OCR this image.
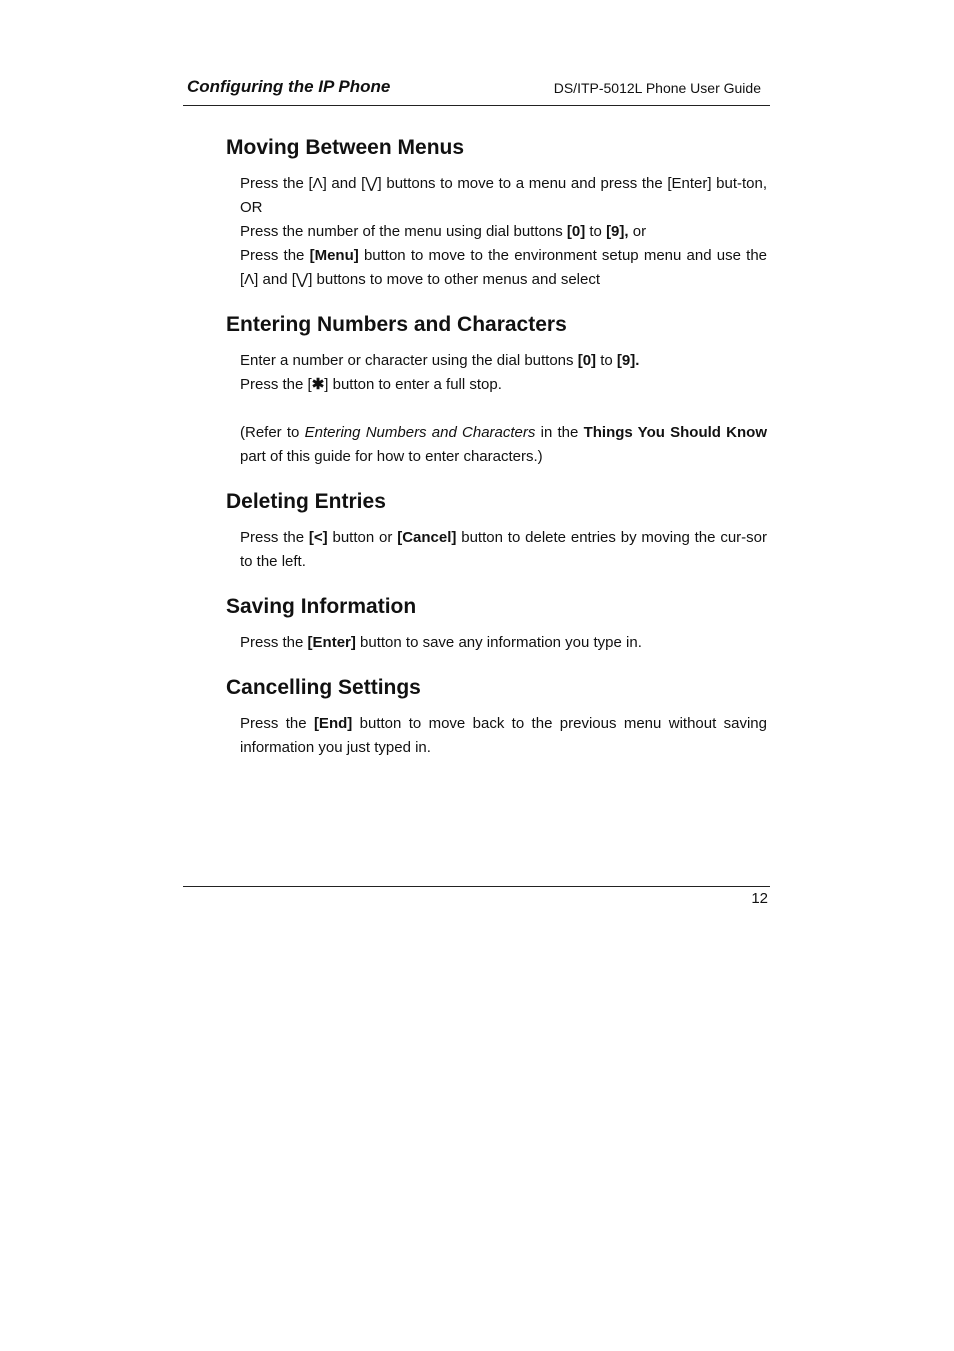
Configuring the IP Phone	DS/ITP-5012L Phone User Guide
Moving Between Menus

Press the [Λ] and [⋁] buttons to move to a menu and press the [Enter] but-ton, OR

Press the number of the menu using dial buttons [0] to [9], or

Press the [Menu] button to move to the environment setup menu and use the [Λ] and [⋁] buttons to move to other menus and select

Entering Numbers and Characters

Enter a number or character using the dial buttons [0] to [9].

Press the [✱] button to enter a full stop.

(Refer to Entering Numbers and Characters in the Things You Should Know part of this guide for how to enter characters.)

Deleting Entries

Press the [<] button or [Cancel] button to delete entries by moving the cur-sor to the left.

Saving Information

Press the [Enter] button to save any information you type in.

Cancelling Settings

Press the [End] button to move back to the previous menu without saving information you just typed in.

12
